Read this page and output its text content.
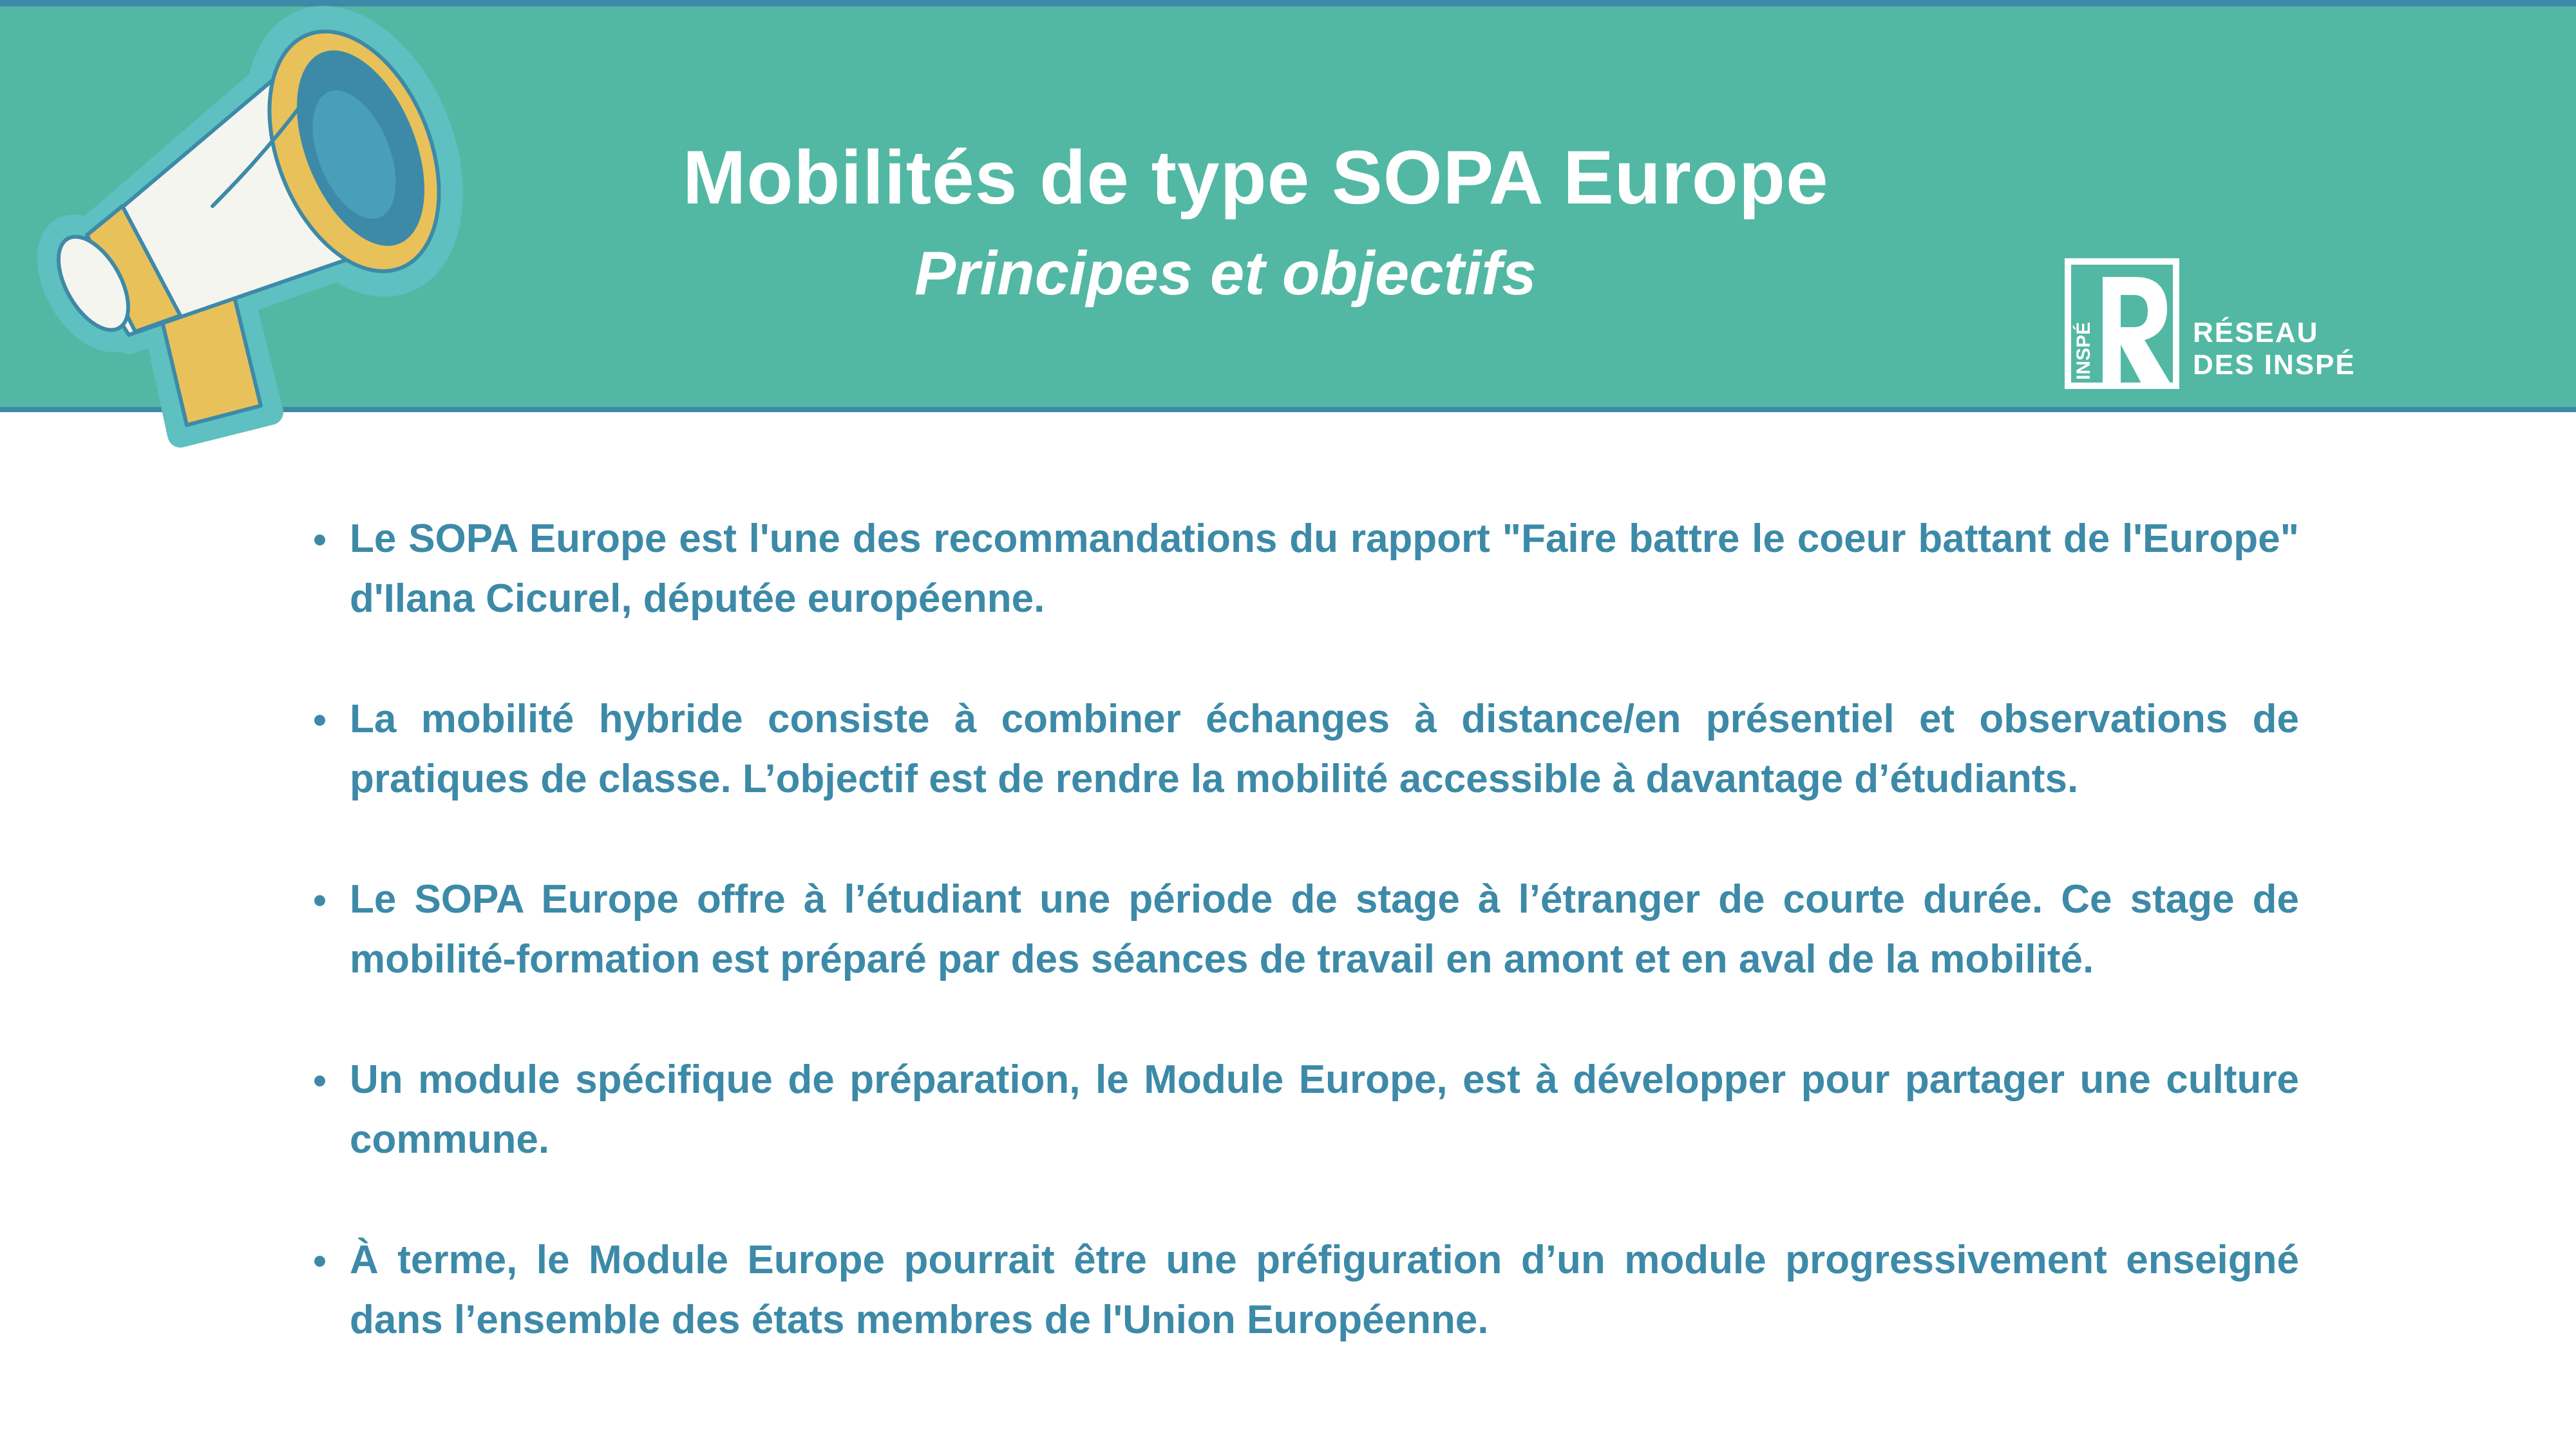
Mobilités de type SOPA Europe
Principes et objectifs
INSPÉ	RÉSEAU
DES INSPÉ
Le SOPA Europe est l'une des recommandations du rapport "Faire battre le coeur battant de l'Europe" d'Ilana Cicurel, députée européenne.
La mobilité hybride consiste à combiner échanges à distance/en présentiel et observations de pratiques de classe. L’objectif est de rendre la mobilité accessible à davantage d’étudiants.
Le SOPA Europe offre à l’étudiant une période de stage à l’étranger de courte durée. Ce stage de mobilité-formation est préparé par des séances de travail en amont et en aval de la mobilité.
Un module spécifique de préparation, le Module Europe, est à développer pour partager une culture commune.
À terme, le Module Europe pourrait être une préfiguration d’un module progressivement enseigné dans l’ensemble des états membres de l'Union Européenne.
